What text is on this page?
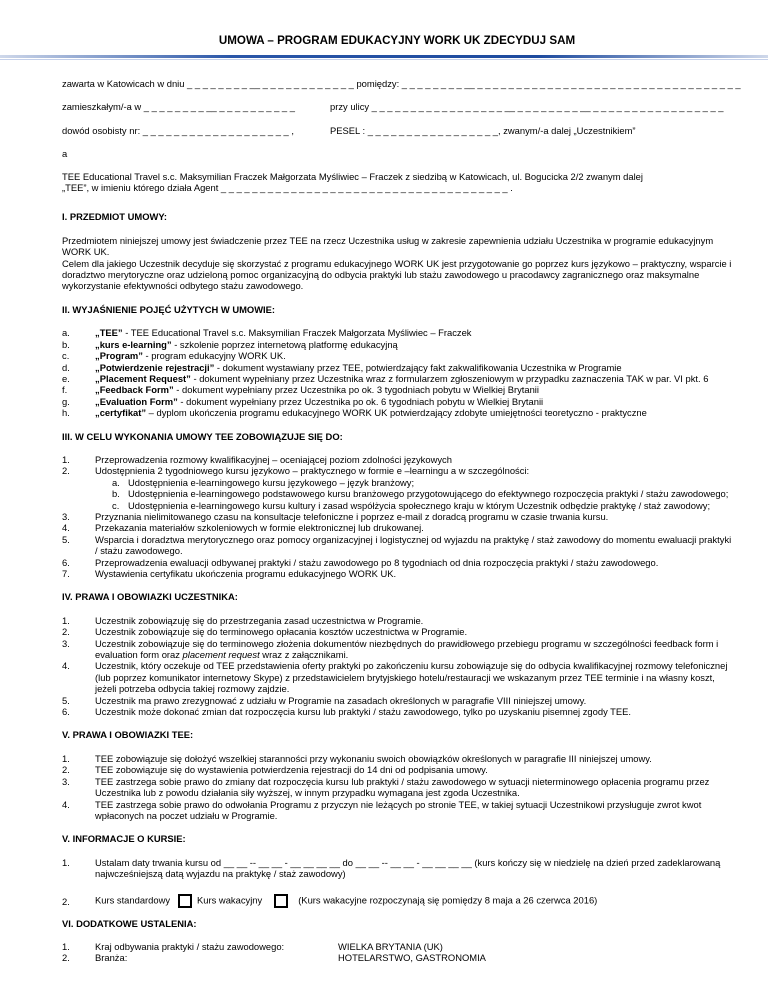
UMOWA – PROGRAM EDUKACYJNY WORK UK ZDECYDUJ SAM

zawarta w Katowicach w dniu _ _ _ _ _ _ _ _ __ _ _ _ _ _ _ _ _ _ _ _ _ pomiędzy: _ _ _ _ _ _ _ _ __ _ _ _ _ _ _ _ _ _ _ _ _ _ _ _ _ _ _ _ _ _ _ _ _ _ _ _ _ _ _ _ _ _ _

zamieszkałym/-a w _ _ _ _ _ _ _ _ __ _ _ _ _ _ _ _ _ _ _	przy ulicy _ _ _ _ _ _ _ _ _ _ _ _ _ _ _ _ _ __ _ _ _ _ _ _ _ _ __ _ _ _ _ _ _ _ _ _ _ _ _ _ _ _ _ _
dowód osobisty nr: _ _ _ _ _ _ _ _ _ _ _ _ _ _ _ _ _ _ _ ,	PESEL : _ _ _ _ _ _ _ _ _ _ _ _ _ _ _ _ _, zwanym/-a dalej „Uczestnikiem”

a

TEE Educational Travel s.c. Maksymilian Fraczek Małgorzata Myśliwiec – Fraczek z siedzibą w Katowicach, ul. Bogucicka 2/2 zwanym dalej

„TEE”, w imieniu którego działa Agent _ _ _ _ _ _ _ _ _ _ _ _ _ _ _ _ _ _ _ _ _ _ _ _ _ _ _ _ _ _ _ _ _ _ _ _ _ .

I. PRZEDMIOT UMOWY:

Przedmiotem niniejszej umowy jest świadczenie przez TEE na rzecz Uczestnika usług w zakresie zapewnienia udziału Uczestnika w programie edukacyjnym WORK UK.

Celem dla jakiego Uczestnik decyduje się skorzystać z programu edukacyjnego WORK UK jest przygotowanie go poprzez kurs językowo – praktyczny, wsparcie i doradztwo merytoryczne oraz udzieloną pomoc organizacyjną do odbycia praktyki lub stażu zawodowego u pracodawcy zagranicznego oraz maksymalne wykorzystanie efektywności odbytego stażu zawodowego.

II. WYJAŚNIENIE POJĘĆ UŻYTYCH W UMOWIE:
a.	„TEE” - TEE Educational Travel s.c. Maksymilian Fraczek Małgorzata Myśliwiec – Fraczek
b.	„kurs e-learning” - szkolenie poprzez internetową platformę edukacyjną
c.	„Program” - program edukacyjny WORK UK.
d.	„Potwierdzenie rejestracji” - dokument wystawiany przez TEE, potwierdzający fakt zakwalifikowania Uczestnika w Programie
e.	„Placement Request” - dokument wypełniany przez Uczestnika wraz z formularzem zgłoszeniowym w przypadku zaznaczenia TAK w par. VI pkt. 6
f.	„Feedback Form” - dokument wypełniany przez Uczestnika po ok. 3 tygodniach pobytu w Wielkiej Brytanii
g.	„Evaluation Form” - dokument wypełniany przez Uczestnika po ok. 6 tygodniach pobytu w Wielkiej Brytanii
h.	„certyfikat” – dyplom ukończenia programu edukacyjnego WORK UK potwierdzający zdobyte umiejętności teoretyczno - praktyczne
III. W CELU WYKONANIA UMOWY TEE ZOBOWIĄZUJE SIĘ DO:
1.	Przeprowadzenia rozmowy kwalifikacyjnej – oceniającej poziom zdolności językowych
2.	Udostępnienia 2 tygodniowego kursu językowo – praktycznego w formie e –learningu a w szczególności:
a. Udostępnienia e-learningowego kursu językowego – język branżowy;
b. Udostępnienia e-learningowego podstawowego kursu branżowego przygotowującego do efektywnego rozpoczęcia praktyki / stażu zawodowego;
c. Udostępnienia e-learningowego kursu kultury i zasad współżycia społecznego kraju w którym Uczestnik odbędzie praktykę / staż zawodowy;
3.	Przyznania nielimitowanego czasu na konsultacje telefoniczne i poprzez e-mail z doradcą programu w czasie trwania kursu.
4.	Przekazania materiałów szkoleniowych w formie elektronicznej lub drukowanej.
5.	Wsparcia i doradztwa merytorycznego oraz pomocy organizacyjnej i logistycznej od wyjazdu na praktykę / staż zawodowy do momentu ewaluacji praktyki / stażu zawodowego.
6.	Przeprowadzenia ewaluacji odbywanej praktyki / stażu zawodowego po 8 tygodniach od dnia rozpoczęcia praktyki / stażu zawodowego.
7.	Wystawienia certyfikatu ukończenia programu edukacyjnego WORK UK.
IV. PRAWA I OBOWIAZKI UCZESTNIKA:
1.	Uczestnik zobowiązuję się do przestrzegania zasad uczestnictwa w Programie.
2.	Uczestnik zobowiązuje się do terminowego opłacania kosztów uczestnictwa w Programie.
3.	Uczestnik zobowiązuje się do terminowego złożenia dokumentów niezbędnych do prawidłowego przebiegu programu w szczególności feedback form i evaluation form oraz placement request wraz z załącznikami.
4.	Uczestnik, który oczekuje od TEE przedstawienia oferty praktyki po zakończeniu kursu zobowiązuje się do odbycia kwalifikacyjnej rozmowy telefonicznej (lub poprzez komunikator internetowy Skype) z przedstawicielem brytyjskiego hotelu/restauracji we wskazanym przez TEE terminie i na własny koszt, jeżeli potrzeba odbycia takiej rozmowy zajdzie.
5.	Uczestnik ma prawo zrezygnować z udziału w Programie na zasadach określonych w paragrafie VIII niniejszej umowy.
6.	Uczestnik może dokonać zmian dat rozpoczęcia kursu lub praktyki / stażu zawodowego, tylko po uzyskaniu pisemnej zgody TEE.
V. PRAWA I OBOWIAZKI TEE:
1.	TEE zobowiązuje się dołożyć wszelkiej staranności przy wykonaniu swoich obowiązków określonych w paragrafie III niniejszej umowy.
2.	TEE zobowiązuje się do wystawienia potwierdzenia rejestracji do 14 dni od podpisania umowy.
3.	TEE zastrzega sobie prawo do zmiany dat rozpoczęcia kursu lub praktyki / stażu zawodowego w sytuacji nieterminowego opłacenia programu przez Uczestnika lub z powodu działania siły wyższej, w innym przypadku wymagana jest zgoda Uczestnika.
4.	TEE zastrzega sobie prawo do odwołania Programu z przyczyn nie leżących po stronie TEE, w takiej sytuacji Uczestnikowi przysługuje zwrot kwot wpłaconych na poczet udziału w Programie.
V. INFORMACJE O KURSIE:
1.	Ustalam daty trwania kursu od __ __ -- __ __ - __ __ __ __ do __ __ -- __ __ - __ __ __ __ (kurs kończy się w niedzielę na dzień przed zadeklarowaną najwcześniejszą datą wyjazdu na praktykę / staż zawodowy)
2.	Kurs standardowy	Kurs wakacyjny	(Kurs wakacyjne rozpoczynają się pomiędzy 8 maja a 26 czerwca 2016)
VI. DODATKOWE USTALENIA:
1.	Kraj odbywania praktyki / stażu zawodowego:	WIELKA BRYTANIA (UK)
2.	Branża:	HOTELARSTWO, GASTRONOMIA
